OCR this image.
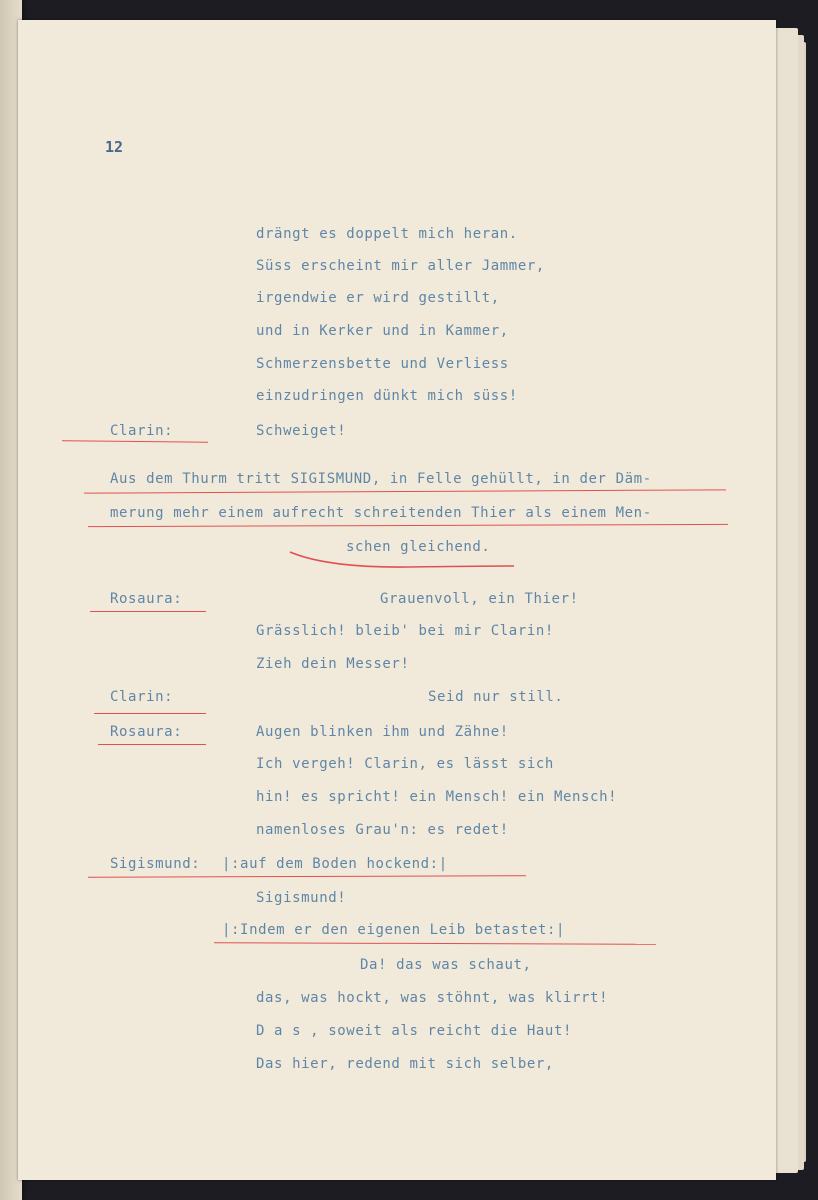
12
drängt es doppelt mich heran.
Süss erscheint mir aller Jammer,
irgendwie er wird gestillt,
und in Kerker und in Kammer,
Schmerzensbette und Verliess
einzudringen dünkt mich süss!
Clarin:	Schweiget!
Aus dem Thurm tritt SIGISMUND, in Felle gehüllt, in der Däm-
merung mehr einem aufrecht schreitenden Thier als einem Men-
schen gleichend.
Rosaura:	Grauenvoll, ein Thier!
Grässlich! bleib' bei mir Clarin!
Zieh dein Messer!
Clarin:	Seid nur still.
Rosaura:	Augen blinken ihm und Zähne!
Ich vergeh! Clarin, es lässt sich
hin! es spricht! ein Mensch! ein Mensch!
namenloses Grau'n: es redet!
Sigismund: |:auf dem Boden hockend:|
Sigismund!
|:Indem er den eigenen Leib betastet:|
Da! das was schaut,
das, was hockt, was stöhnt, was klirrt!
D a s , soweit als reicht die Haut!
Das hier, redend mit sich selber,
